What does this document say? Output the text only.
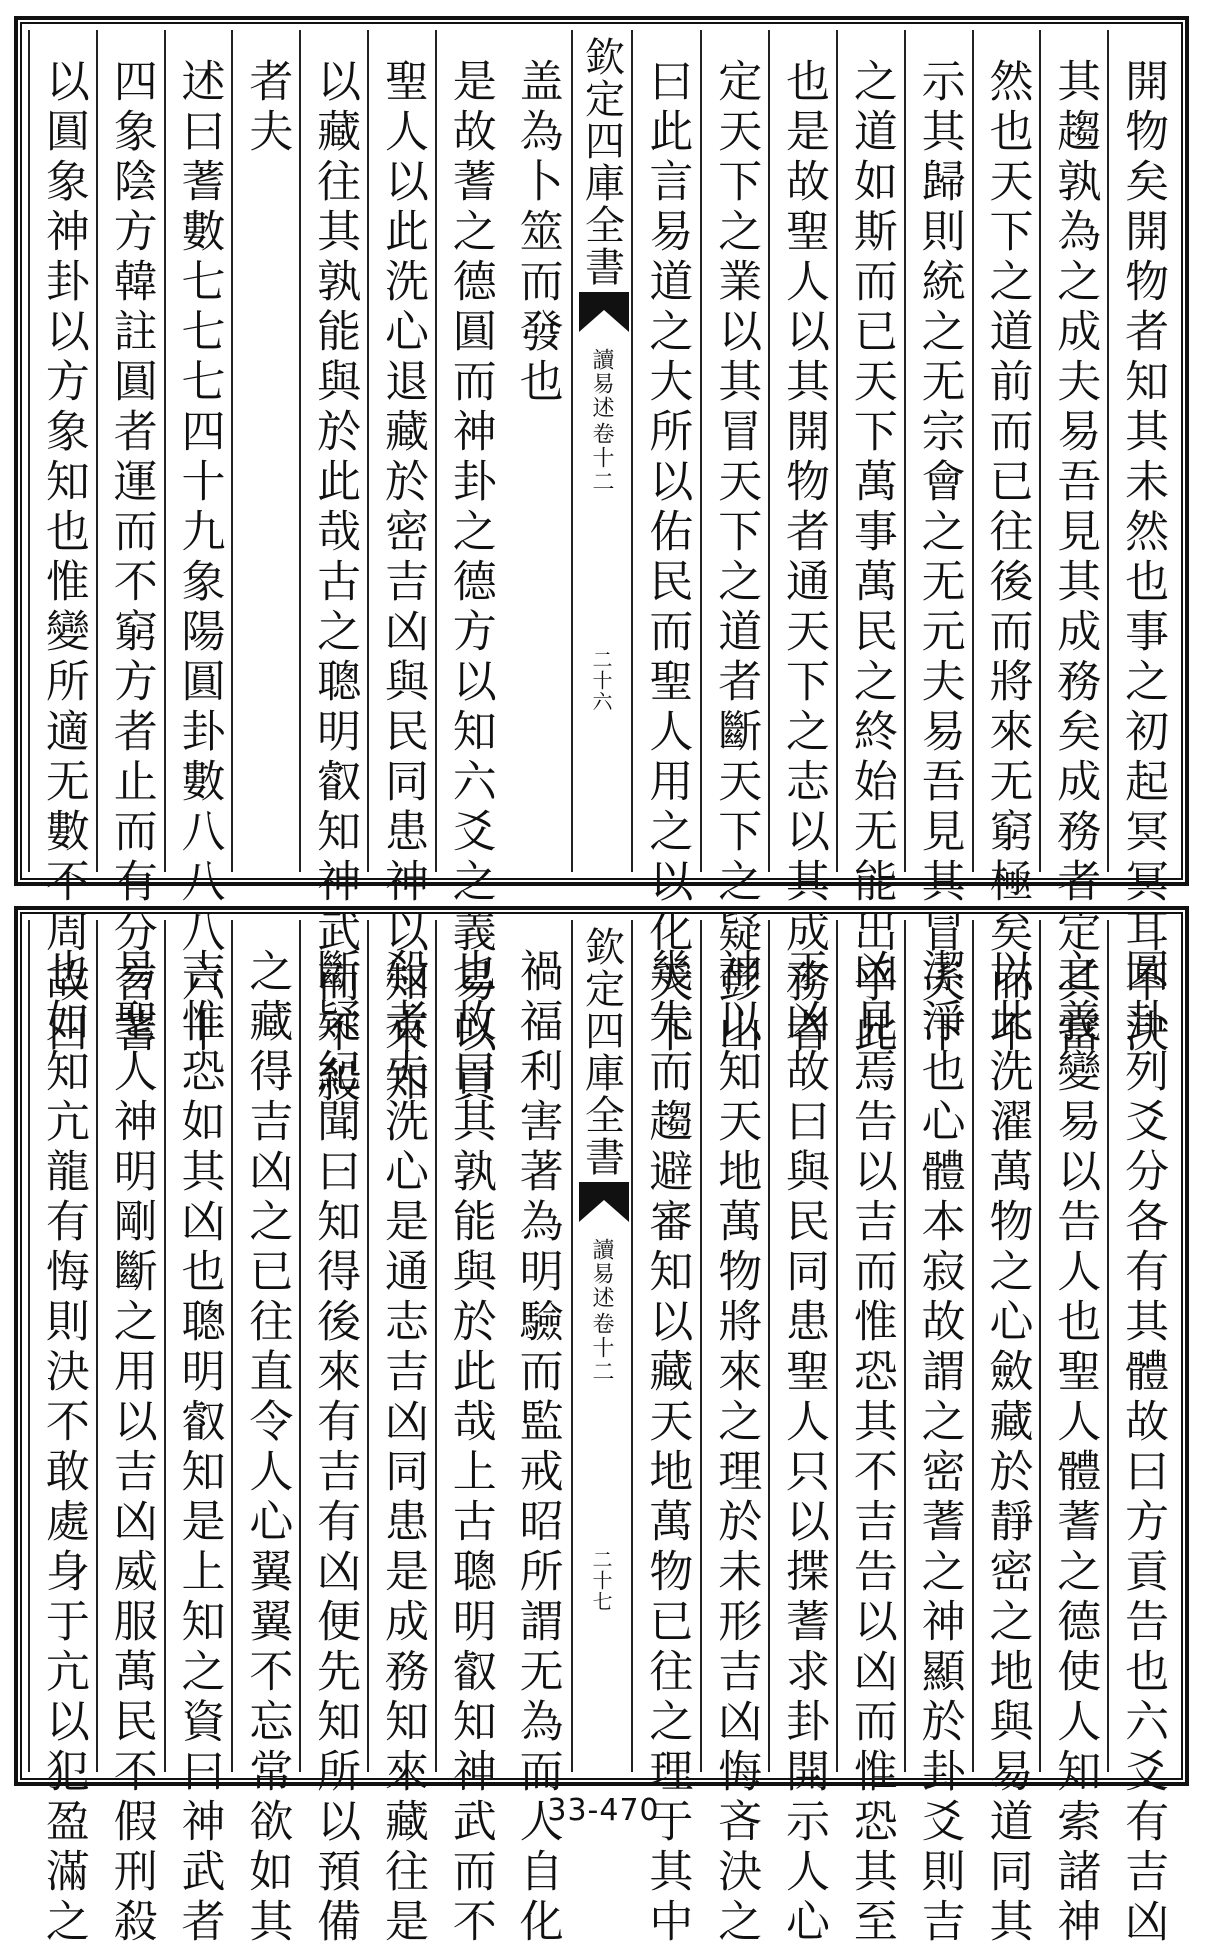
盖為卜筮而發也
是故蓍之德圓而神卦之德方以知六爻之義易以貢
聖人以此洗心退藏於密吉凶與民同患神以知來知
以藏往其孰能與於此哉古之聰明叡知神武而不殺
者夫
述曰蓍數七七七四十九象陽圓卦數八八八六十
四象陰方韓註圓者運而不窮方者止而有分言蓍
以圓象神卦以方象知也惟變所適无數不周故曰	欽定四庫全書
讀易述
卷十二
二十六	開物矣開物者知其未然也事之初起冥冥耳不決
其趨孰為之成夫易吾見其成務矣成務者定其當
然也天下之道前而已往後而將來无窮極矣而不
示其歸則統之无宗會之无元夫易吾見其冒天下
之道如斯而已天下萬事萬民之終始无能出乎此
也是故聖人以其開物者通天下之志以其成務者
定天下之業以其冒天下之道者斷天下之疑彭山
曰此言易道之大所以佑民而聖人用之以化天下
禍福利害著為明驗而監戒昭所謂无為而人自化
也故曰其孰能與於此哉上古聰明叡知神武而不
殺者夫洗心是通志吉凶同患是成務知來藏往是
斷疑紀聞曰知得後來有吉有凶便先知所以預備
之藏得吉凶之已往直令人心翼翼不忘常欲如其
吉惟恐如其凶也聰明叡知是上知之資曰神武者
易聖人神明剛斷之用以吉凶威服萬民不假刑殺
也如知亢龍有悔則決不敢處身于亢以犯盈滿之	欽定四庫全書
讀易述
卷十二
二十七	圓卦列爻分各有其體故曰方貢告也六爻有吉凶
之義變易以告人也聖人體蓍之德使人知索諸神
以此洗濯萬物之心斂藏於靜密之地與易道同其
潔淨也心體本寂故謂之密蓍之神顯於卦爻則吉
凶見焉告以吉而惟恐其不吉告以凶而惟恐其至
于凶故曰與民同患聖人只以揲蓍求卦開示人心
神以知天地萬物將來之理於未形吉凶悔吝決之
幾先而趨避審知以藏天地萬物已往之理于其中
33-470
